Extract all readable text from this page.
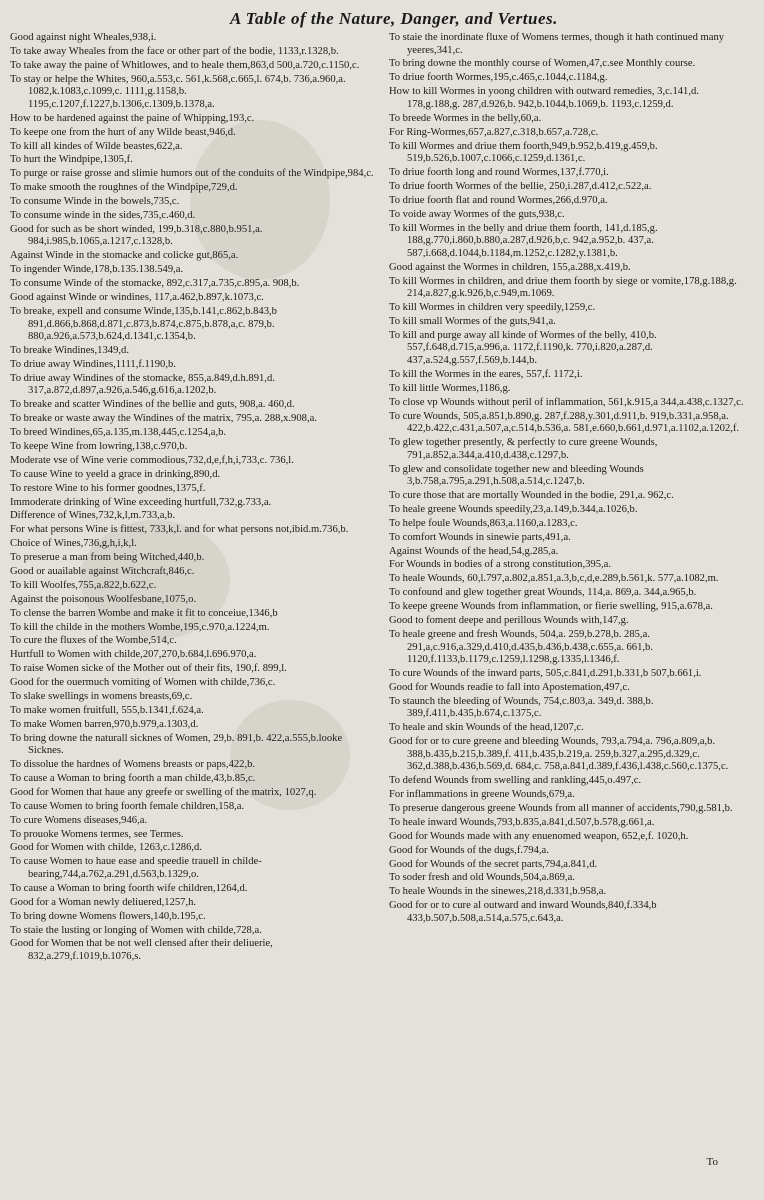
A Table of the Nature, Danger, and Vertues.
Good against night Wheales,938,i.
To take away Wheales from the face or other part of the bodie, 1133,r.1328,b.
To take away the paine of Whitlowes, and to heale them,863,d 500,a.720,c.1150,c.
To stay or helpe the Whites, 960,a.553,c. 561,k.568,c.665,l. 674,b. 736,a.960,a. 1082,k.1083,c.1099,c. 1111,g.1158,b. 1195,c.1207,f.1227,b.1306,c.1309,b.1378,a.
How to be hardened against the paine of Whipping,193,c.
To keepe one from the hurt of any Wilde beast,946,d.
To kill all kindes of Wilde beastes,622,a.
To hurt the Windpipe,1305,f.
To purge or raise grosse and slimie humors out of the conduits of the Windpipe,984,c.
To make smooth the roughnes of the Windpipe,729,d.
To consume Winde in the bowels,735,c.
To consume winde in the sides,735,c.460,d.
Good for such as be short winded, 199,b.318,c.880,b.951,a. 984,i.985,b.1065,a.1217,c.1328,b.
Against Winde in the stomacke and colicke gut,865,a.
To ingender Winde,178,b.135.138.549,a.
To consume Winde of the stomacke, 892,c.317,a.735,c.895,a. 908,b.
Good against Winde or windines, 117,a.462,b.897,k.1073,c.
To breake, expell and consume Winde,135,b.141,c.862,b.843,b 891,d.866,b.868,d.871,c.873,b.874,c.875,b.878,a,c. 879,b. 880,a.926,a.573,b.624,d.1341,c.1354,b.
To breake Windines,1349,d.
To driue away Windines,1111,f.1190,b.
To driue away Windines of the stomacke, 855,a.849,d.h.891,d. 317,a.872,d.897,a.926,a.546,g.616,a.1202,b.
To breake and scatter Windines of the bellie and guts, 908,a. 460,d.
To breake or waste away the Windines of the matrix, 795,a. 288,x.908,a.
To breed Windines,65,a.135,m.138,445,c.1254,a,b.
To keepe Wine from lowring,138,c.970,b.
Moderate vse of Wine verie commodious,732,d,e,f,h,i,733,c. 736,l.
To cause Wine to yeeld a grace in drinking,890,d.
To restore Wine to his former goodnes,1375,f.
Immoderate drinking of Wine exceeding hurtfull,732,g.733,a.
Difference of Wines,732,k,l,m.733,a,b.
For what persons Wine is fittest, 733,k,l. and for what persons not,ibid.m.736,b.
Choice of Wines,736,g,h,i,k,l.
To preserue a man from being Witched,440,b.
Good or auailable against Witchcraft,846,c.
To kill Woolfes,755,a.822,b.622,c.
Against the poisonous Woolfesbane,1075,o.
To clense the barren Wombe and make it fit to conceiue,1346,b
To kill the childe in the mothers Wombe,195,c.970,a.1224,m.
To cure the fluxes of the Wombe,514,c.
Hurtfull to Women with childe,207,270,b.684,l.696.970,a.
To raise Women sicke of the Mother out of their fits, 190,f. 899,l.
Good for the ouermuch vomiting of Women with childe,736,c.
To slake swellings in womens breasts,69,c.
To make women fruitfull, 555,b.1341,f.624,a.
To make Women barren,970,b.979,a.1303,d.
To bring downe the naturall sicknes of Women, 29,b. 891,b. 422,a.555,b.looke Sicknes.
To dissolue the hardnes of Womens breasts or paps,422,b.
To cause a Woman to bring foorth a man childe,43,b.85,c.
Good for Women that haue any greefe or swelling of the matrix, 1027,q.
To cause Women to bring foorth female children,158,a.
To cure Womens diseases,946,a.
To prouoke Womens termes, see Termes.
Good for Women with childe, 1263,c.1286,d.
To cause Women to haue ease and speedie trauell in childe-bearing,744,a.762,a.291,d.563,b.1329,o.
To cause a Woman to bring foorth wife children,1264,d.
Good for a Woman newly deliuered,1257,h.
To bring downe Womens flowers,140,b.195,c.
To staie the lusting or longing of Women with childe,728,a.
Good for Women that be not well clensed after their deliuerie, 832,a.279,f.1019,b.1076,s.
To staie the inordinate fluxe of Womens termes, though it hath continued many yeeres,341,c.
To bring downe the monthly course of Women,47,c.see Monthly course.
To driue foorth Wormes,195,c.465,c.1044,c.1184,g.
How to kill Wormes in yoong children with outward remedies, 3,c.141,d. 178,g.188,g. 287,d.926,b. 942,b.1044,b.1069,b. 1193,c.1259,d.
To breede Wormes in the belly,60,a.
For Ring-Wormes,657,a.827,c.318,b.657,a.728,c.
To kill Wormes and driue them foorth,949,b.952,b.419,g.459,b. 519,b.526,b.1007,c.1066,c.1259,d.1361,c.
To driue foorth long and round Wormes,137,f.770,i.
To driue foorth Wormes of the bellie, 250,i.287,d.412,c.522,a.
To driue foorth flat and round Wormes,266,d.970,a.
To voide away Wormes of the guts,938,c.
To kill Wormes in the belly and driue them foorth, 141,d.185,g. 188,g.770,i.860,b.880,a.287,d.926,b,c. 942,a.952,b. 437,a. 587,i.668,d.1044,b.1184,m.1252,c.1282,y.1381,b.
Good against the Wormes in children, 155,a.288,x.419,b.
To kill Wormes in children, and driue them foorth by siege or vomite,178,g.188,g. 214,a.827,g.k.926,b,c.949,m.1069.
To kill Wormes in children very speedily,1259,c.
To kill small Wormes of the guts,941,a.
To kill and purge away all kinde of Wormes of the belly, 410,b. 557,f.648,d.715,a.996,a. 1172,f.1190,k. 770,i.820,a.287,d. 437,a.524,g.557,f.569,b.144,b.
To kill the Wormes in the eares, 557,f. 1172,i.
To kill little Wormes,1186,g.
To close vp Wounds without peril of inflammation, 561,k.915,a 344,a.438,c.1327,c.
To cure Wounds, 505,a.851,b.890,g. 287,f.288,y.301,d.911,b. 919,b.331,a.958,a. 422,b.422,c.431,a.507,a,c.514,b.536,a. 581,e.660,b.661,d.971,a.1102,a.1202,f.
To glew together presently, & perfectly to cure greene Wounds, 791,a.852,a.344,a.410,d.438,c.1297,b.
To glew and consolidate together new and bleeding Wounds 3,b.758,a.795,a.291,h.508,a.514,c.1247,b.
To cure those that are mortally Wounded in the bodie, 291,a. 962,c.
To heale greene Wounds speedily,23,a.149,b.344,a.1026,b.
To helpe foule Wounds,863,a.1160,a.1283,c.
To comfort Wounds in sinewie parts,491,a.
Against Wounds of the head,54,g.285,a.
For Wounds in bodies of a strong constitution,395,a.
To heale Wounds, 60,l.797,a.802,a.851,a.3,b,c,d,e.289,b.561,k. 577,a.1082,m.
To confound and glew together great Wounds, 114,a. 869,a. 344,a.965,b.
To keepe greene Wounds from inflammation, or fierie swelling, 915,a.678,a.
Good to foment deepe and perillous Wounds with,147,g.
To heale greene and fresh Wounds, 504,a. 259,b.278,b. 285,a. 291,a,c.916,a.329,d.410,d.435,b.436,b.438,c.655,a. 661,b. 1120,f.1133,b.1179,c.1259,l.1298,g.1335,l.1346,f.
To cure Wounds of the inward parts, 505,c.841,d.291,b.331,b 507,b.661,i.
Good for Wounds readie to fall into Apostemation,497,c.
To staunch the bleeding of Wounds, 754,c.803,a. 349,d. 388,b. 389,f.411,b.435,b.674,c.1375,c.
To heale and skin Wounds of the head,1207,c.
Good for or to cure greene and bleeding Wounds, 793,a.794,a. 796,a.809,a,b. 388,b.435,b.215,b.389,f. 411,b.435,b.219,a. 259,b.327,a.295,d.329,c. 362,d.388,b.436,b.569,d. 684,c. 758,a.841,d.389,f.436,l.438,c.560,c.1375,c.
To defend Wounds from swelling and rankling,445,o.497,c.
For inflammations in greene Wounds,679,a.
To preserue dangerous greene Wounds from all manner of accidents,790,g.581,b.
To heale inward Wounds,793,b.835,a.841,d.507,b.578,g.661,a.
Good for Wounds made with any enuenomed weapon, 652,e,f. 1020,h.
Good for Wounds of the dugs,f.794,a.
Good for Wounds of the secret parts,794,a.841,d.
To soder fresh and old Wounds,504,a.869,a.
To heale Wounds in the sinewes,218,d.331,b.958,a.
Good for or to cure al outward and inward Wounds,840,f.334,b 433,b.507,b.508,a.514,a.575,c.643,a.
To
